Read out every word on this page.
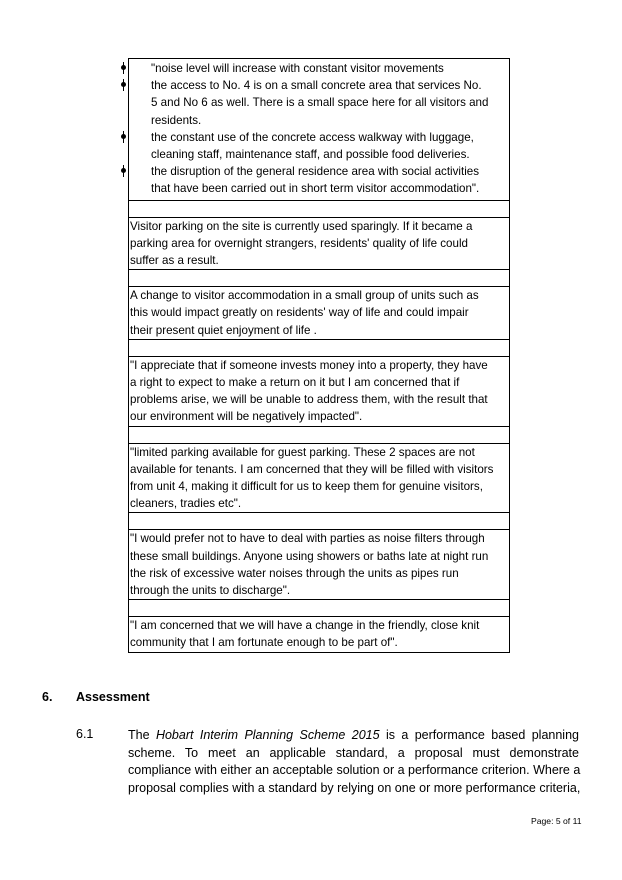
"noise level will increase with constant visitor movements
the access to No. 4 is on a small concrete area that services No.
5 and No 6 as well. There is a small space here for all visitors and
residents.
the constant use of the concrete access walkway with luggage,
cleaning staff, maintenance staff, and possible food deliveries.
the disruption of the general residence area with social activities
that have been carried out in short term visitor accommodation".
Visitor parking on the site is currently used sparingly. If it became a
parking area for overnight strangers, residents' quality of life could
suffer as a result.
A change to visitor accommodation in a small group of units such as
this would impact greatly on residents' way of life and could impair
their present quiet enjoyment of life .
"I appreciate that if someone invests money into a property, they have
a right to expect to make a return on it but I am concerned that if
problems arise, we will be unable to address them, with the result that
our environment will be negatively impacted".
"limited parking available for guest parking. These 2 spaces are not
available for tenants. I am concerned that they will be filled with visitors
from unit 4, making it difficult for us to keep them for genuine visitors,
cleaners, tradies etc".
"I would prefer not to have to deal with parties as noise filters through
these small buildings. Anyone using showers or baths late at night run
the risk of excessive water noises through the units as pipes run
through the units to discharge".
"I am concerned that we will have a change in the friendly, close knit
community that I am fortunate enough to be part of".
6. Assessment
6.1	The Hobart Interim Planning Scheme 2015 is a performance based planning
scheme. To meet an applicable standard, a proposal must demonstrate
compliance with either an acceptable solution or a performance criterion. Where a
proposal complies with a standard by relying on one or more performance criteria,
Page: 5 of 11
